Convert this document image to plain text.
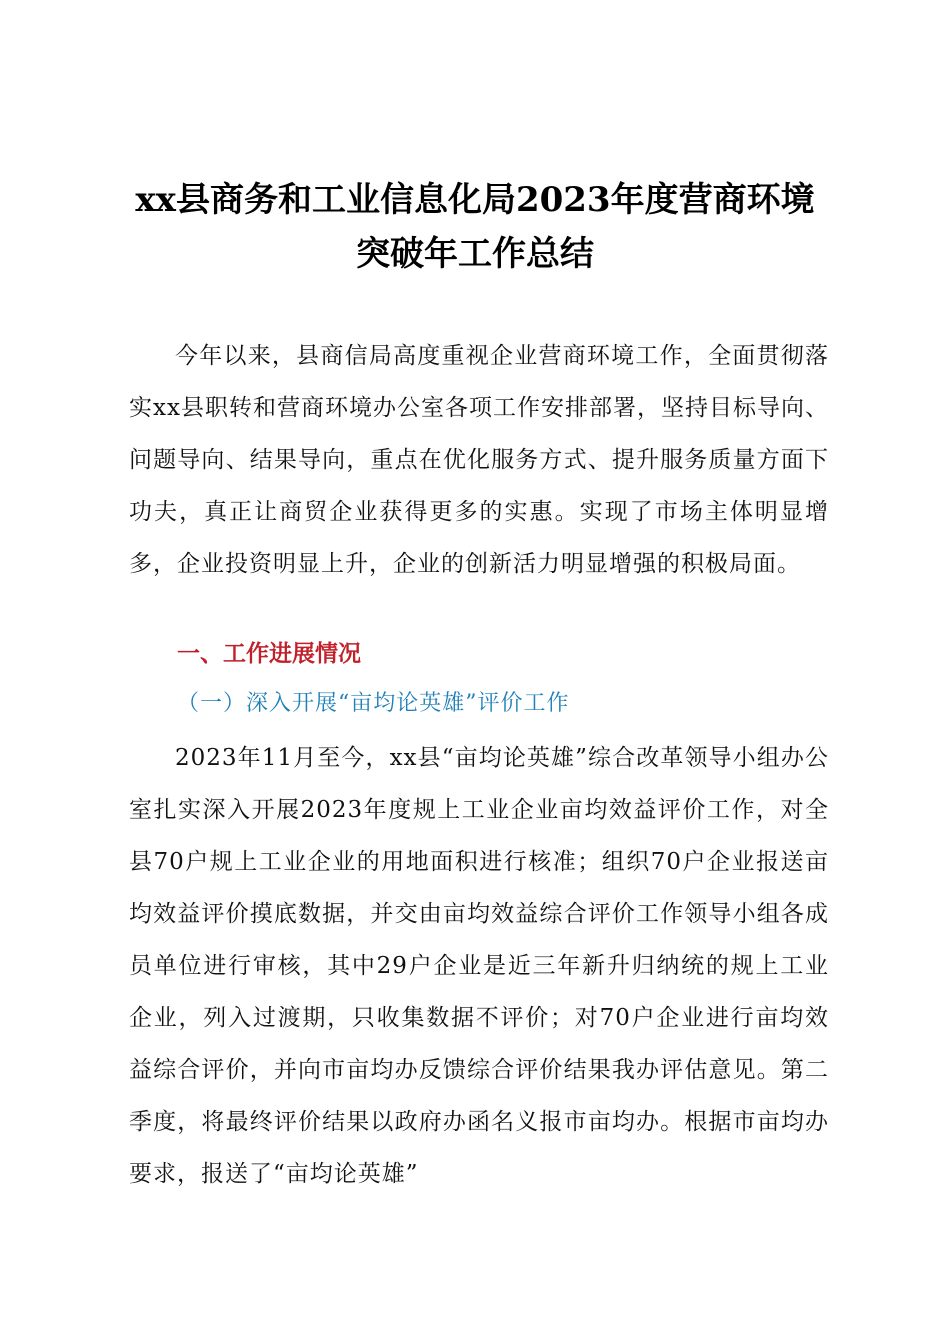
xx县商务和工业信息化局2023年度营商环境
突破年工作总结

今年以来，县商信局高度重视企业营商环境工作，全面贯彻落实xx县职转和营商环境办公室各项工作安排部署，坚持目标导向、问题导向、结果导向，重点在优化服务方式、提升服务质量方面下功夫，真正让商贸企业获得更多的实惠。实现了市场主体明显增多，企业投资明显上升，企业的创新活力明显增强的积极局面。

一、工作进展情况
（一）深入开展“亩均论英雄”评价工作

2023年11月至今，xx县“亩均论英雄”综合改革领导小组办公室扎实深入开展2023年度规上工业企业亩均效益评价工作，对全县70户规上工业企业的用地面积进行核准；组织70户企业报送亩均效益评价摸底数据，并交由亩均效益综合评价工作领导小组各成员单位进行审核，其中29户企业是近三年新升归纳统的规上工业企业，列入过渡期，只收集数据不评价；对70户企业进行亩均效益综合评价，并向市亩均办反馈综合评价结果我办评估意见。第二季度，将最终评价结果以政府办函名义报市亩均办。根据市亩均办要求，报送了“亩均论英雄”
